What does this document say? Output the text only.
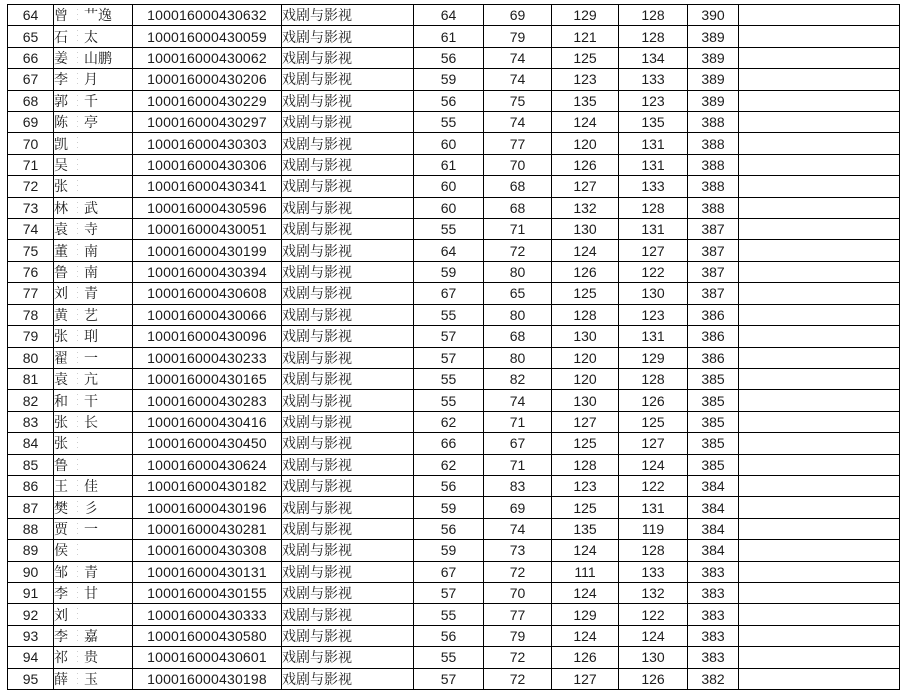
64	曾 艹逸	100016000430632	戏剧与影视	64	69	129	128	390	
65	石 太	100016000430059	戏剧与影视	61	79	121	128	389	
66	姜 山鹏	100016000430062	戏剧与影视	56	74	125	134	389	
67	李 月	100016000430206	戏剧与影视	59	74	123	133	389	
68	郭 千	100016000430229	戏剧与影视	56	75	135	123	389	
69	陈 亭	100016000430297	戏剧与影视	55	74	124	135	388	
70	凯	100016000430303	戏剧与影视	60	77	120	131	388	
71	吴	100016000430306	戏剧与影视	61	70	126	131	388	
72	张	100016000430341	戏剧与影视	60	68	127	133	388	
73	林 武	100016000430596	戏剧与影视	60	68	132	128	388	
74	袁 寺	100016000430051	戏剧与影视	55	71	130	131	387	
75	董 南	100016000430199	戏剧与影视	64	72	124	127	387	
76	鲁 南	100016000430394	戏剧与影视	59	80	126	122	387	
77	刘 青	100016000430608	戏剧与影视	67	65	125	130	387	
78	黄 艺	100016000430066	戏剧与影视	55	80	128	123	386	
79	张 刵	100016000430096	戏剧与影视	57	68	130	131	386	
80	翟 一	100016000430233	戏剧与影视	57	80	120	129	386	
81	袁 亢	100016000430165	戏剧与影视	55	82	120	128	385	
82	和 干	100016000430283	戏剧与影视	55	74	130	126	385	
83	张 长	100016000430416	戏剧与影视	62	71	127	125	385	
84	张	100016000430450	戏剧与影视	66	67	125	127	385	
85	鲁	100016000430624	戏剧与影视	62	71	128	124	385	
86	王 佳	100016000430182	戏剧与影视	56	83	123	122	384	
87	樊 彡	100016000430196	戏剧与影视	59	69	125	131	384	
88	贾 一	100016000430281	戏剧与影视	56	74	135	119	384	
89	侯	100016000430308	戏剧与影视	59	73	124	128	384	
90	邹 青	100016000430131	戏剧与影视	67	72	111	133	383	
91	李 甘	100016000430155	戏剧与影视	57	70	124	132	383	
92	刘	100016000430333	戏剧与影视	55	77	129	122	383	
93	李 嘉	100016000430580	戏剧与影视	56	79	124	124	383	
94	祁 贵	100016000430601	戏剧与影视	55	72	126	130	383	
95	薛 玉	100016000430198	戏剧与影视	57	72	127	126	382	
